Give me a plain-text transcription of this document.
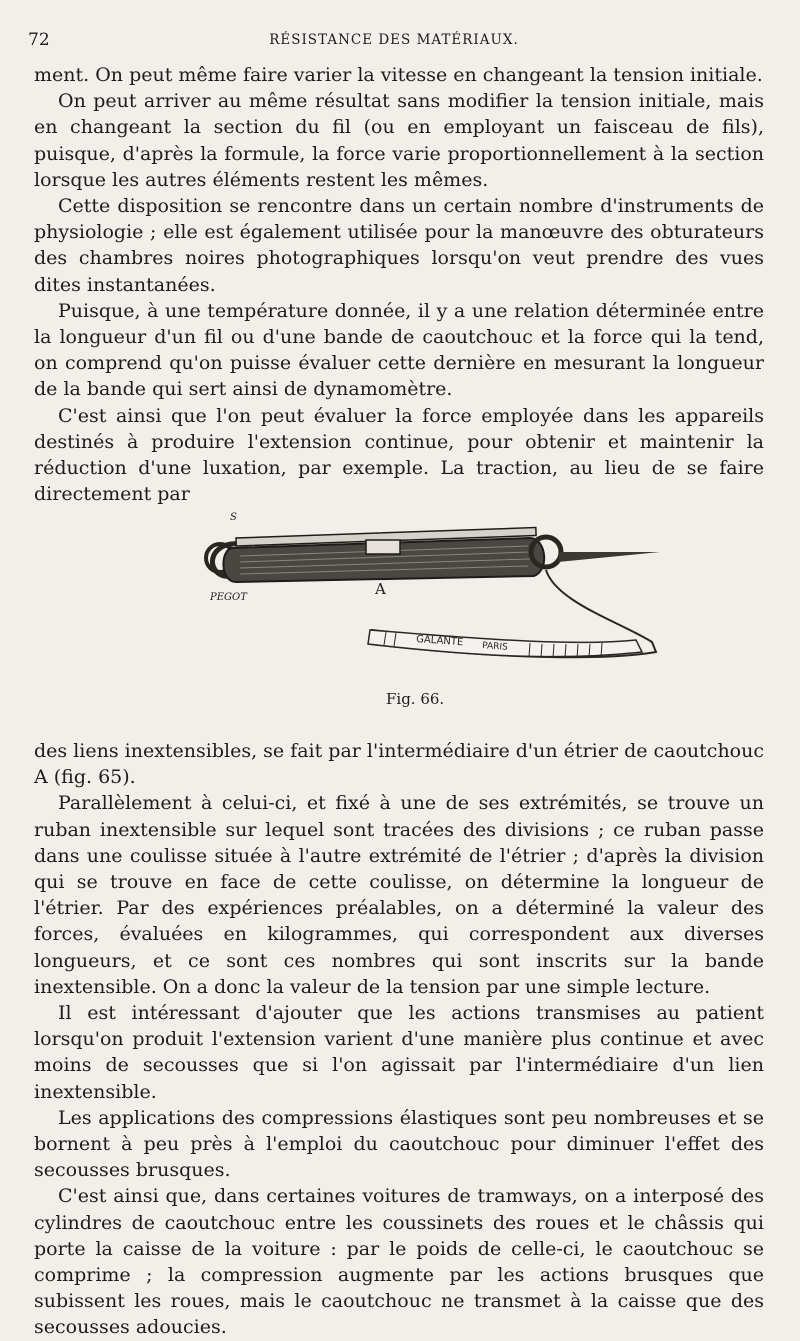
72	RÉSISTANCE DES MATÉRIAUX.

ment. On peut même faire varier la vitesse en changeant la tension initiale.

On peut arriver au même résultat sans modifier la tension initiale, mais en changeant la section du fil (ou en employant un faisceau de fils), puisque, d'après la formule, la force varie proportionnellement à la section lorsque les autres éléments restent les mêmes.

Cette disposition se rencontre dans un certain nombre d'instruments de physiologie ; elle est également utilisée pour la manœuvre des obturateurs des chambres noires photographiques lorsqu'on veut prendre des vues dites instantanées.

Puisque, à une température donnée, il y a une relation déterminée entre la longueur d'un fil ou d'une bande de caoutchouc et la force qui la tend, on comprend qu'on puisse évaluer cette dernière en mesurant la longueur de la bande qui sert ainsi de dynamomètre.

C'est ainsi que l'on peut évaluer la force employée dans les appareils destinés à produire l'extension continue, pour obtenir et maintenir la réduction d'une luxation, par exemple. La traction, au lieu de se faire directement par

GALANTE PARIS
S
A
PEGOT
Fig. 66.

des liens inextensibles, se fait par l'intermédiaire d'un étrier de caoutchouc A (fig. 65).

Parallèlement à celui-ci, et fixé à une de ses extrémités, se trouve un ruban inextensible sur lequel sont tracées des divisions ; ce ruban passe dans une coulisse située à l'autre extrémité de l'étrier ; d'après la division qui se trouve en face de cette coulisse, on détermine la longueur de l'étrier. Par des expériences préalables, on a déterminé la valeur des forces, évaluées en kilogrammes, qui correspondent aux diverses longueurs, et ce sont ces nombres qui sont inscrits sur la bande inextensible. On a donc la valeur de la tension par une simple lecture.

Il est intéressant d'ajouter que les actions transmises au patient lorsqu'on produit l'extension varient d'une manière plus continue et avec moins de secousses que si l'on agissait par l'intermédiaire d'un lien inextensible.

Les applications des compressions élastiques sont peu nombreuses et se bornent à peu près à l'emploi du caoutchouc pour diminuer l'effet des secousses brusques.

C'est ainsi que, dans certaines voitures de tramways, on a interposé des cylindres de caoutchouc entre les coussinets des roues et le châssis qui porte la caisse de la voiture : par le poids de celle-ci, le caoutchouc se comprime ; la compression augmente par les actions brusques que subissent les roues, mais le caoutchouc ne transmet à la caisse que des secousses adoucies.
